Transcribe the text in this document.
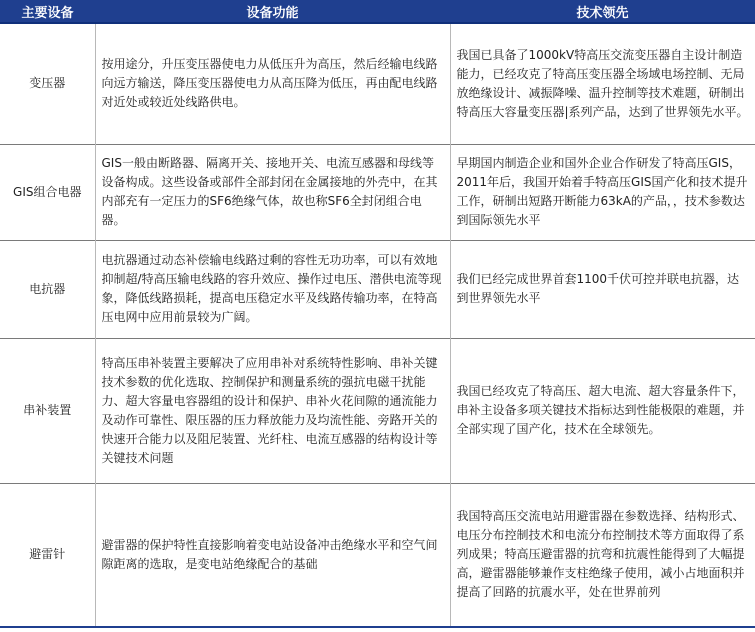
主要设备	设备功能	技术领先
变压器	按用途分，升压变压器使电力从低压升为高压，然后经输电线路向远方输送，降压变压器使电力从高压降为低压，再由配电线路对近处或较近处线路供电。	我国已具备了1000kV特高压交流变压器自主设计制造能力，已经攻克了特高压变压器全场域电场控制、无局放绝缘设计、减振降噪、温升控制等技术难题，研制出特高压大容量变压器|系列产品，达到了世界领先水平。
GIS组合电器	GIS一般由断路器、隔离开关、接地开关、电流互感器和母线等设备构成。这些设备或部件全部封闭在金属接地的外壳中，在其内部充有一定压力的SF6绝缘气体，故也称SF6全封闭组合电器。	早期国内制造企业和国外企业合作研发了特高压GIS，2011年后，我国开始着手特高压GIS国产化和技术提升工作，研制出短路开断能力63kA的产品，，技术参数达到国际领先水平
电抗器	电抗器通过动态补偿输电线路过剩的容性无功功率，可以有效地抑制超/特高压输电线路的容升效应、操作过电压、潜供电流等现象，降低线路损耗，提高电压稳定水平及线路传输功率，在特高压电网中应用前景较为广阔。	我们已经完成世界首套1100千伏可控并联电抗器，达到世界领先水平
串补装置	特高压串补装置主要解决了应用串补对系统特性影响、串补关键技术参数的优化选取、控制保护和测量系统的强抗电磁干扰能力、超大容量电容器组的设计和保护、串补火花间隙的通流能力及动作可靠性、限压器的压力释放能力及均流性能、旁路开关的快速开合能力以及阻尼装置、光纤柱、电流互感器的结构设计等关键技术问题	我国已经攻克了特高压、超大电流、超大容量条件下，串补主设备多项关键技术指标达到性能极限的难题，并全部实现了国产化，技术在全球领先。
避雷针	避雷器的保护特性直接影响着变电站设备冲击绝缘水平和空气间隙距离的选取，是变电站绝缘配合的基础	我国特高压交流电站用避雷器在参数选择、结构形式、电压分布控制技术和电流分布控制技术等方面取得了系列成果；特高压避雷器的抗弯和抗震性能得到了大幅提高，避雷器能够兼作支柱绝缘子使用，减小占地面积并提高了回路的抗震水平，处在世界前列
